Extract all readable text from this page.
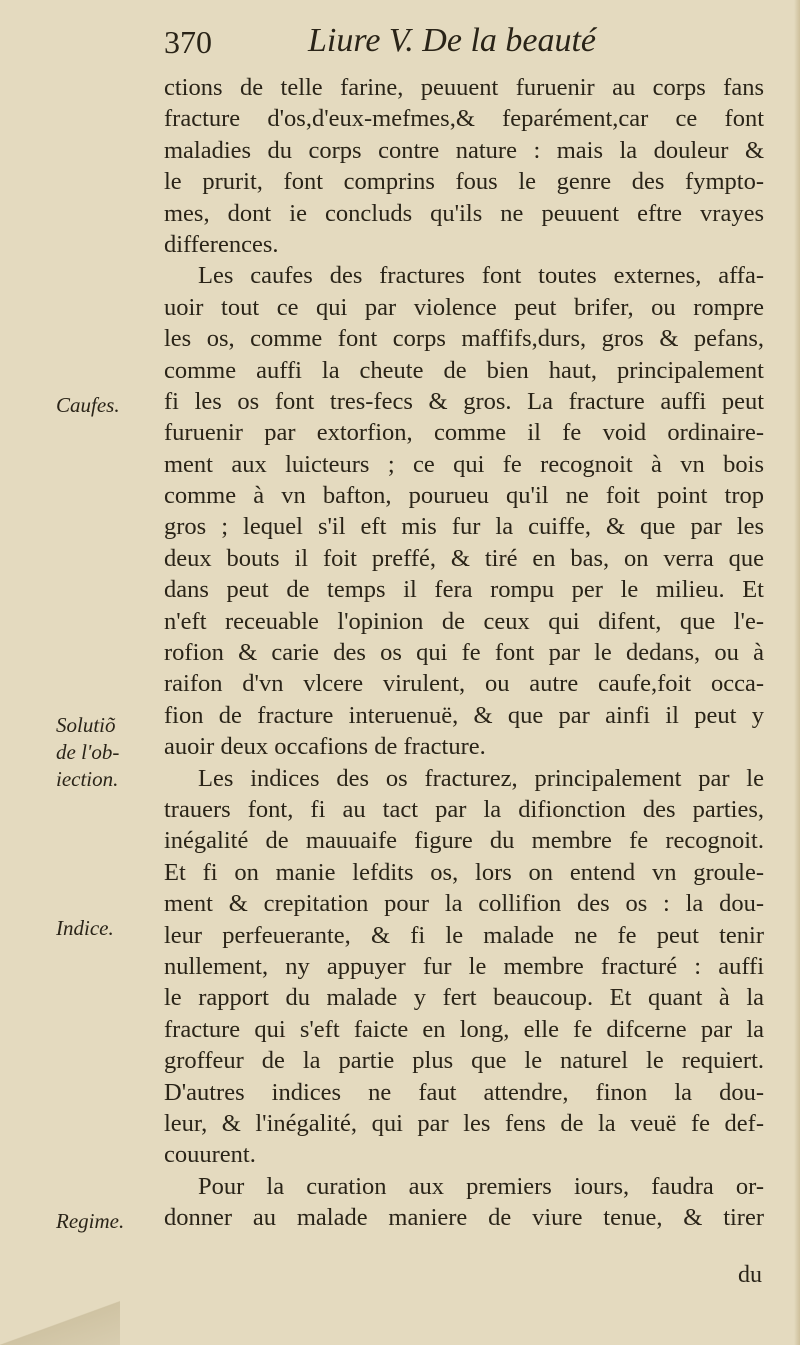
370	Liure V. De la beauté
ctions de telle farine, peuuent furuenir au corps fans
fracture d'os,d'eux-mefmes,& feparément,car ce font
maladies du corps contre nature : mais la douleur &
le prurit, font comprins fous le genre des fympto-
mes, dont ie concluds qu'ils ne peuuent eftre vrayes
differences.
Les caufes des fractures font toutes externes, affa-
uoir tout ce qui par violence peut brifer, ou rompre
les os, comme font corps maffifs,durs, gros & pefans,
comme auffi la cheute de bien haut, principalement
fi les os font tres-fecs & gros. La fracture auffi peut
furuenir par extorfion, comme il fe void ordinaire-
ment aux luicteurs ; ce qui fe recognoit à vn bois
comme à vn bafton, pourueu qu'il ne foit point trop
gros ; lequel s'il eft mis fur la cuiffe, & que par les
deux bouts il foit preffé, & tiré en bas, on verra que
dans peut de temps il fera rompu per le milieu. Et
n'eft receuable l'opinion de ceux qui difent, que l'e-
rofion & carie des os qui fe font par le dedans, ou à
raifon d'vn vlcere virulent, ou autre caufe,foit occa-
fion de fracture interuenuë, & que par ainfi il peut y
auoir deux occafions de fracture.
Les indices des os fracturez, principalement par le
trauers font, fi au tact par la difionction des parties,
inégalité de mauuaife figure du membre fe recognoit.
Et fi on manie lefdits os, lors on entend vn groule-
ment & crepitation pour la collifion des os : la dou-
leur perfeuerante, & fi le malade ne fe peut tenir
nullement, ny appuyer fur le membre fracturé : auffi
le rapport du malade y fert beaucoup. Et quant à la
fracture qui s'eft faicte en long, elle fe difcerne par la
groffeur de la partie plus que le naturel le requiert.
D'autres indices ne faut attendre, finon la dou-
leur, & l'inégalité, qui par les fens de la veuë fe def-
couurent.
Pour la curation aux premiers iours, faudra or-
donner au malade maniere de viure tenue, & tirer
Caufes.
Solutiõ
de l'ob-
iection.
Indice.
Regime.
du
